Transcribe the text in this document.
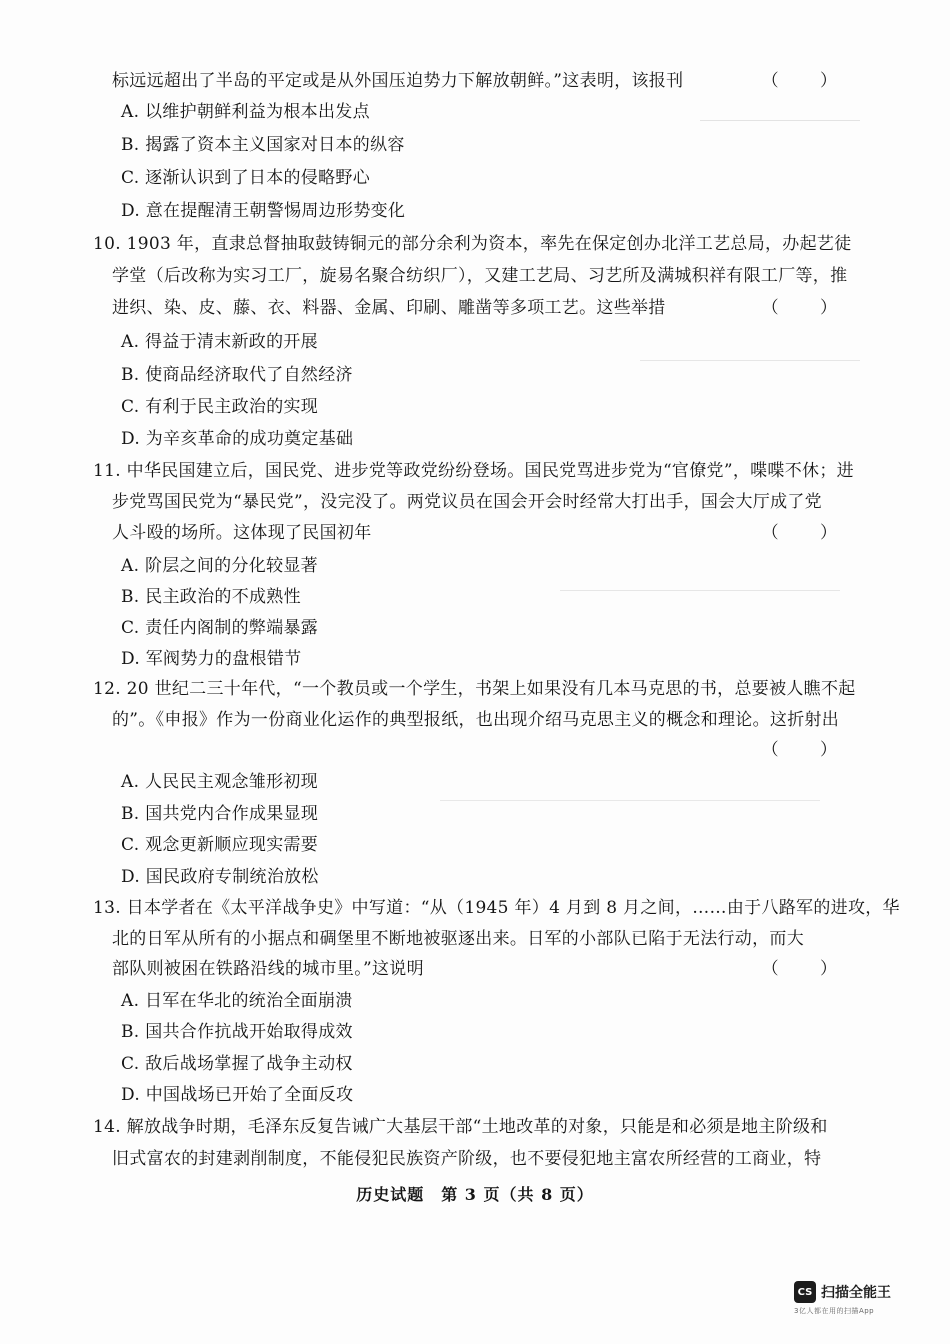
标远远超出了半岛的平定或是从外国压迫势力下解放朝鲜。”这表明，该报刊	（ ）
A. 以维护朝鲜利益为根本出发点
B. 揭露了资本主义国家对日本的纵容
C. 逐渐认识到了日本的侵略野心
D. 意在提醒清王朝警惕周边形势变化
10. 1903 年，直隶总督抽取鼓铸铜元的部分余利为资本，率先在保定创办北洋工艺总局，办起艺徒
学堂（后改称为实习工厂，旋易名聚合纺织厂），又建工艺局、习艺所及满城积祥有限工厂等，推
进织、染、皮、藤、衣、料器、金属、印刷、雕凿等多项工艺。这些举措	（ ）
A. 得益于清末新政的开展
B. 使商品经济取代了自然经济
C. 有利于民主政治的实现
D. 为辛亥革命的成功奠定基础
11. 中华民国建立后，国民党、进步党等政党纷纷登场。国民党骂进步党为“官僚党”，喋喋不休；进
步党骂国民党为“暴民党”，没完没了。两党议员在国会开会时经常大打出手，国会大厅成了党
人斗殴的场所。这体现了民国初年	（ ）
A. 阶层之间的分化较显著
B. 民主政治的不成熟性
C. 责任内阁制的弊端暴露
D. 军阀势力的盘根错节
12. 20 世纪二三十年代，“一个教员或一个学生，书架上如果没有几本马克思的书，总要被人瞧不起
的”。《申报》作为一份商业化运作的典型报纸，也出现介绍马克思主义的概念和理论。这折射出
（ ）
A. 人民民主观念雏形初现
B. 国共党内合作成果显现
C. 观念更新顺应现实需要
D. 国民政府专制统治放松
13. 日本学者在《太平洋战争史》中写道：“从（1945 年）4 月到 8 月之间，……由于八路军的进攻，华
北的日军从所有的小据点和碉堡里不断地被驱逐出来。日军的小部队已陷于无法行动，而大
部队则被困在铁路沿线的城市里。”这说明	（ ）
A. 日军在华北的统治全面崩溃
B. 国共合作抗战开始取得成效
C. 敌后战场掌握了战争主动权
D. 中国战场已开始了全面反攻
14. 解放战争时期，毛泽东反复告诫广大基层干部“土地改革的对象，只能是和必须是地主阶级和
旧式富农的封建剥削制度，不能侵犯民族资产阶级，也不要侵犯地主富农所经营的工商业，特
历史试题　第 3 页（共 8 页）
CS 扫描全能王
3亿人都在用的扫描App
